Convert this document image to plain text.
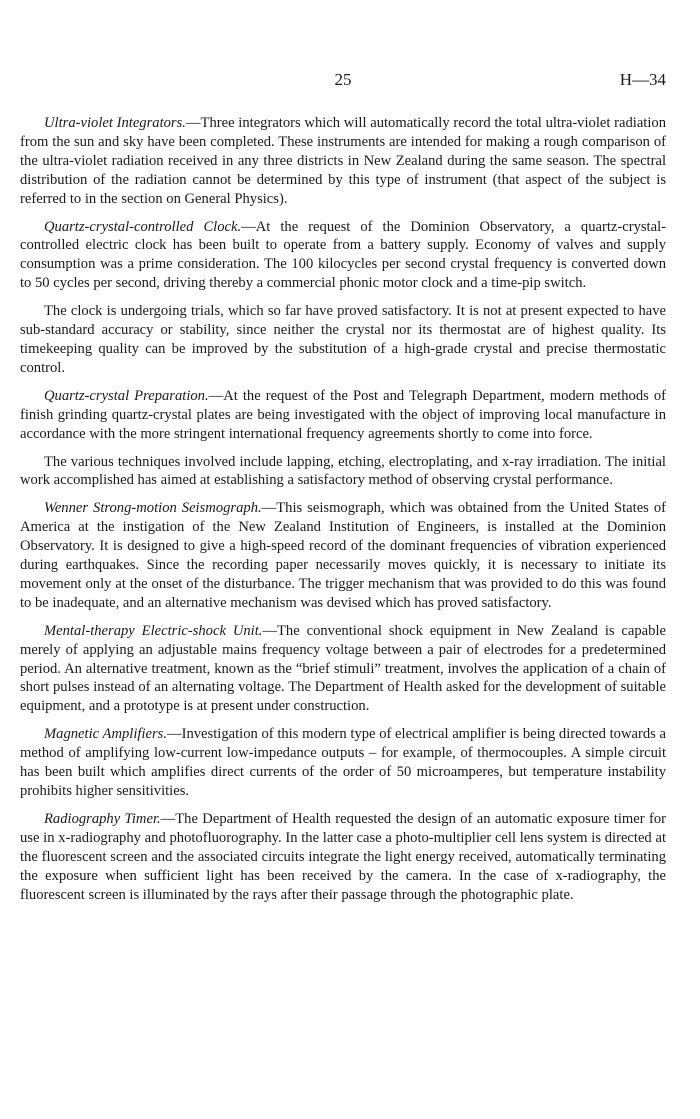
25	H—34

Ultra-violet Integrators.—Three integrators which will automatically record the total ultra-violet radiation from the sun and sky have been completed. These instruments are intended for making a rough comparison of the ultra-violet radiation received in any three districts in New Zealand during the same season. The spectral distribution of the radiation cannot be determined by this type of instrument (that aspect of the subject is referred to in the section on General Physics).

Quartz-crystal-controlled Clock.—At the request of the Dominion Observatory, a quartz-crystal-controlled electric clock has been built to operate from a battery supply. Economy of valves and supply consumption was a prime consideration. The 100 kilocycles per second crystal frequency is converted down to 50 cycles per second, driving thereby a commercial phonic motor clock and a time-pip switch.

The clock is undergoing trials, which so far have proved satisfactory. It is not at present expected to have sub-standard accuracy or stability, since neither the crystal nor its thermostat are of highest quality. Its timekeeping quality can be improved by the substitution of a high-grade crystal and precise thermostatic control.

Quartz-crystal Preparation.—At the request of the Post and Telegraph Department, modern methods of finish grinding quartz-crystal plates are being investigated with the object of improving local manufacture in accordance with the more stringent international frequency agreements shortly to come into force.

The various techniques involved include lapping, etching, electroplating, and x-ray irradiation. The initial work accomplished has aimed at establishing a satisfactory method of observing crystal performance.

Wenner Strong-motion Seismograph.—This seismograph, which was obtained from the United States of America at the instigation of the New Zealand Institution of Engineers, is installed at the Dominion Observatory. It is designed to give a high-speed record of the dominant frequencies of vibration experienced during earthquakes. Since the recording paper necessarily moves quickly, it is necessary to initiate its movement only at the onset of the disturbance. The trigger mechanism that was provided to do this was found to be inadequate, and an alternative mechanism was devised which has proved satisfactory.

Mental-therapy Electric-shock Unit.—The conventional shock equipment in New Zealand is capable merely of applying an adjustable mains frequency voltage between a pair of electrodes for a predetermined period. An alternative treatment, known as the “brief stimuli” treatment, involves the application of a chain of short pulses instead of an alternating voltage. The Department of Health asked for the development of suitable equipment, and a prototype is at present under construction.

Magnetic Amplifiers.—Investigation of this modern type of electrical amplifier is being directed towards a method of amplifying low-current low-impedance outputs – for example, of thermocouples. A simple circuit has been built which amplifies direct currents of the order of 50 microamperes, but temperature instability prohibits higher sensitivities.

Radiography Timer.—The Department of Health requested the design of an automatic exposure timer for use in x-radiography and photofluorography. In the latter case a photo-multiplier cell lens system is directed at the fluorescent screen and the associated circuits integrate the light energy received, automatically terminating the exposure when sufficient light has been received by the camera. In the case of x-radiography, the fluorescent screen is illuminated by the rays after their passage through the photographic plate.
